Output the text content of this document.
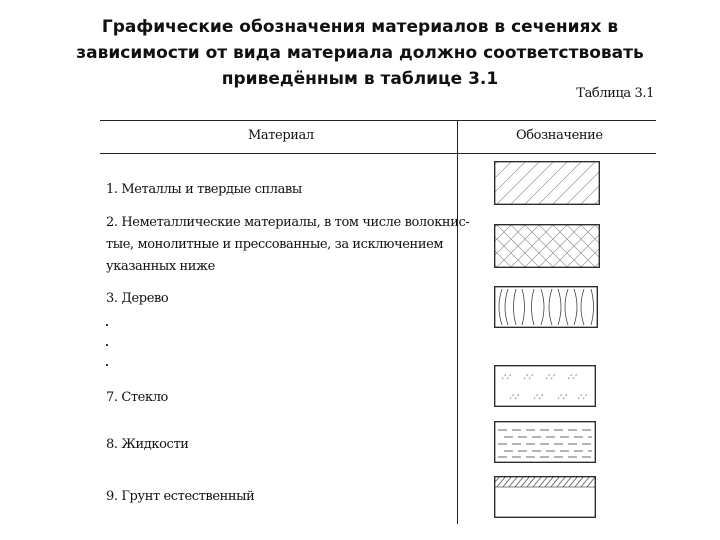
Графические обозначения материалов в сечениях в
зависимости от вида материала должно соответствовать
приведённым в таблице 3.1
Таблица 3.1
Материал	Обозначение
1. Металлы и твердые сплавы
2. Неметаллические материалы, в том числе волокнис-
тые, монолитные и прессованные, за исключением
указанных ниже
3. Дерево
7. Стекло
8. Жидкости
9. Грунт естественный
